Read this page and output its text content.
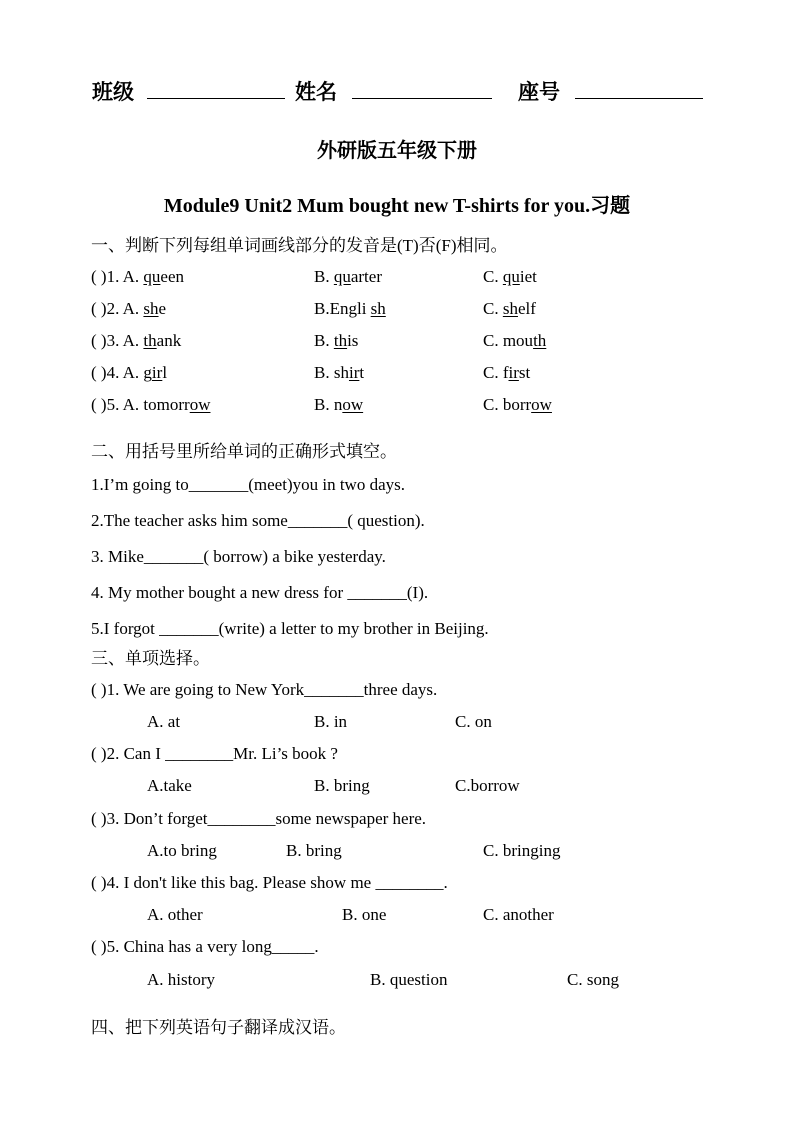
班级	姓名	座号
外研版五年级下册
Module9 Unit2 Mum bought new T-shirts for you.习题
一、判断下列每组单词画线部分的发音是(T)否(F)相同。
( )1. A. queen	B. quarter	C. quiet
( )2. A. she	B.Engli sh	C. shelf
( )3. A. thank	B. this	C. mouth
( )4. A. girl	B. shirt	C. first
( )5. A. tomorrow	B. now	C. borrow
二、用括号里所给单词的正确形式填空。
1.I’m going to_______(meet)you in two days.
2.The teacher asks him some_______( question).
3. Mike_______( borrow) a bike yesterday.
4. My mother bought a new dress for _______(I).
5.I forgot _______(write) a letter to my brother in Beijing.
三、单项选择。
( )1. We are going to New York_______three days.
A. at	B. in	C. on
( )2. Can I ________Mr. Li’s book ?
A.take	B. bring	C.borrow
( )3. Don’t forget________some newspaper here.
A.to bring	B. bring	C. bringing
( )4. I don't like this bag. Please show me ________.
A. other	B. one	C. another
( )5. China has a very long_____.
A. history	B. question	C. song
四、把下列英语句子翻译成汉语。
